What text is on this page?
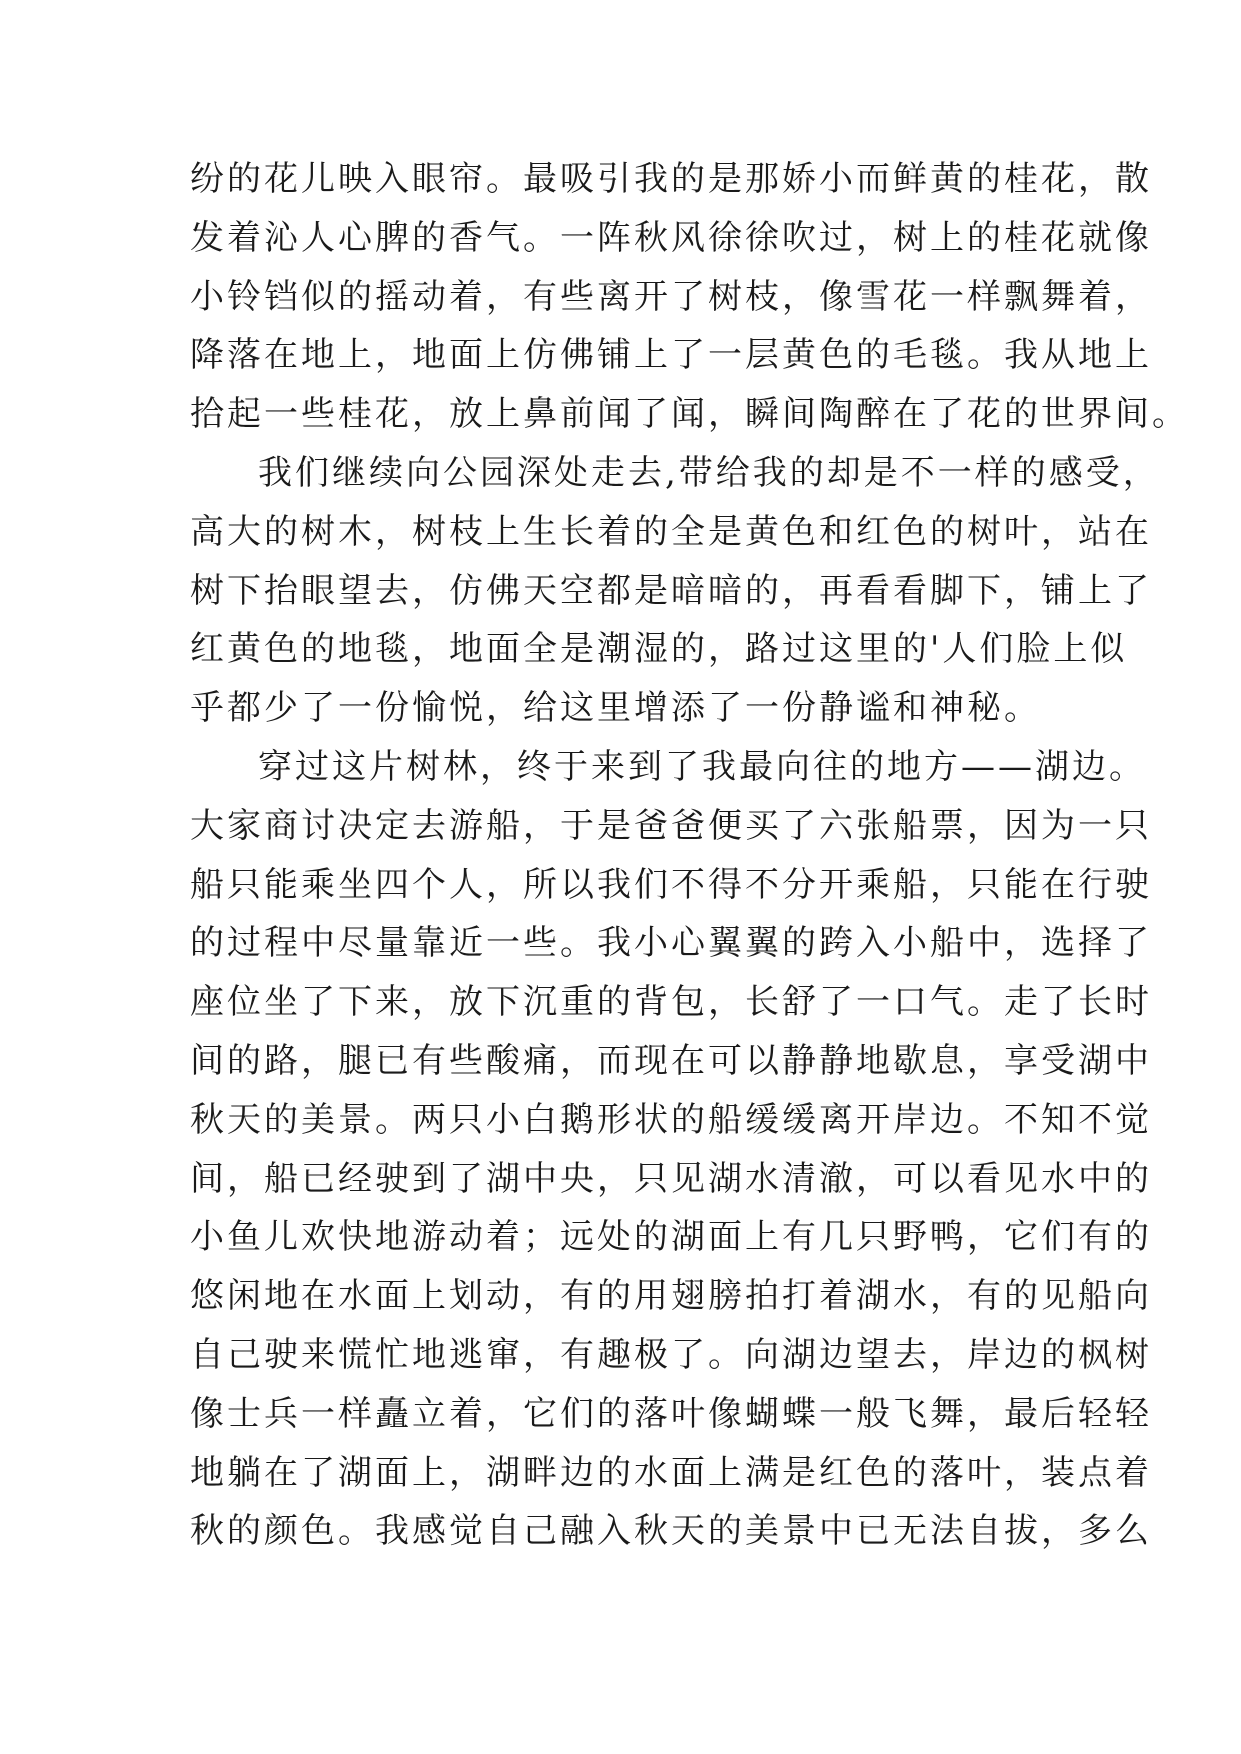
纷的花儿映入眼帘。最吸引我的是那娇小而鲜黄的桂花，散
发着沁人心脾的香气。一阵秋风徐徐吹过，树上的桂花就像
小铃铛似的摇动着，有些离开了树枝，像雪花一样飘舞着，
降落在地上，地面上仿佛铺上了一层黄色的毛毯。我从地上
拾起一些桂花，放上鼻前闻了闻，瞬间陶醉在了花的世界间。
我们继续向公园深处走去,带给我的却是不一样的感受，
高大的树木，树枝上生长着的全是黄色和红色的树叶，站在
树下抬眼望去，仿佛天空都是暗暗的，再看看脚下，铺上了
红黄色的地毯，地面全是潮湿的，路过这里的'人们脸上似
乎都少了一份愉悦，给这里增添了一份静谧和神秘。
穿过这片树林，终于来到了我最向往的地方——湖边。
大家商讨决定去游船，于是爸爸便买了六张船票，因为一只
船只能乘坐四个人，所以我们不得不分开乘船，只能在行驶
的过程中尽量靠近一些。我小心翼翼的跨入小船中，选择了
座位坐了下来，放下沉重的背包，长舒了一口气。走了长时
间的路，腿已有些酸痛，而现在可以静静地歇息，享受湖中
秋天的美景。两只小白鹅形状的船缓缓离开岸边。不知不觉
间，船已经驶到了湖中央，只见湖水清澈，可以看见水中的
小鱼儿欢快地游动着；远处的湖面上有几只野鸭，它们有的
悠闲地在水面上划动，有的用翅膀拍打着湖水，有的见船向
自己驶来慌忙地逃窜，有趣极了。向湖边望去，岸边的枫树
像士兵一样矗立着，它们的落叶像蝴蝶一般飞舞，最后轻轻
地躺在了湖面上，湖畔边的水面上满是红色的落叶，装点着
秋的颜色。我感觉自己融入秋天的美景中已无法自拔，多么
